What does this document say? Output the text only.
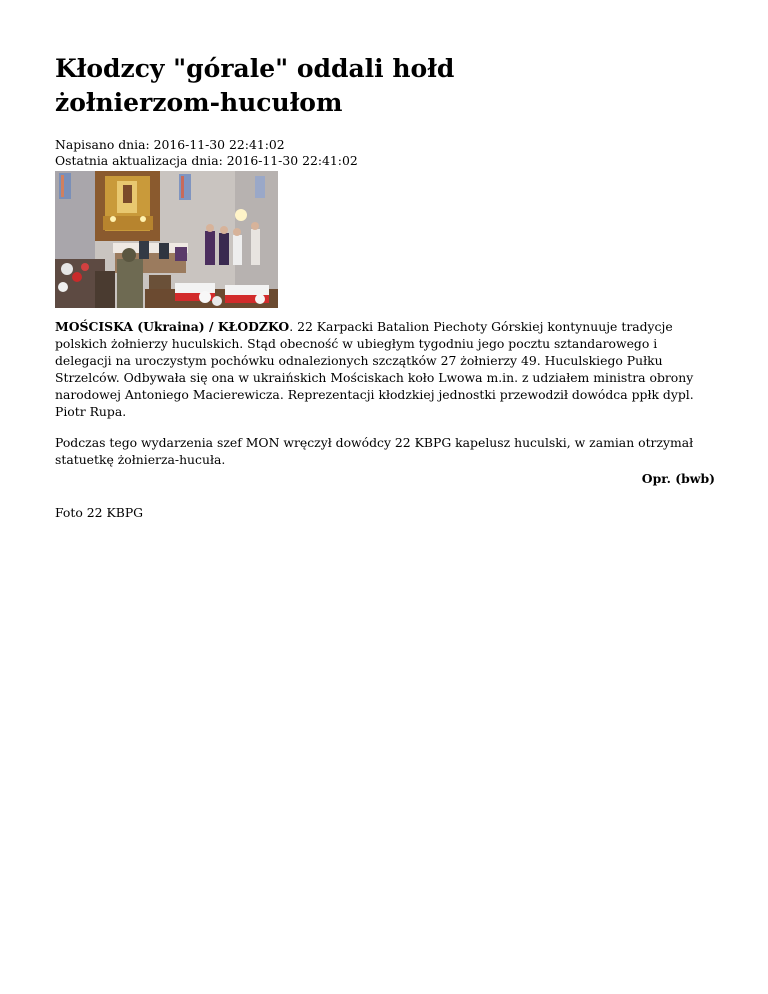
Kłodzcy "górale" oddali hołd żołnierzom-hucułom
Napisano dnia: 2016-11-30 22:41:02
Ostatnia aktualizacja dnia: 2016-11-30 22:41:02
MOŚCISKA (Ukraina) / KŁODZKO. 22 Karpacki Batalion Piechoty Górskiej kontynuuje tradycje polskich żołnierzy huculskich. Stąd obecność w ubiegłym tygodniu jego pocztu sztandarowego i delegacji na uroczystym pochówku odnalezionych szczątków 27 żołnierzy 49. Huculskiego Pułku Strzelców. Odbywała się ona w ukraińskich Mościskach koło Lwowa m.in. z udziałem ministra obrony narodowej Antoniego Macierewicza. Reprezentacji kłodzkiej jednostki przewodził dowódca ppłk dypl. Piotr Rupa.
Podczas tego wydarzenia szef MON wręczył dowódcy 22 KBPG kapelusz huculski, w zamian otrzymał statuetkę żołnierza-hucuła.
Opr. (bwb)
Foto 22 KBPG
